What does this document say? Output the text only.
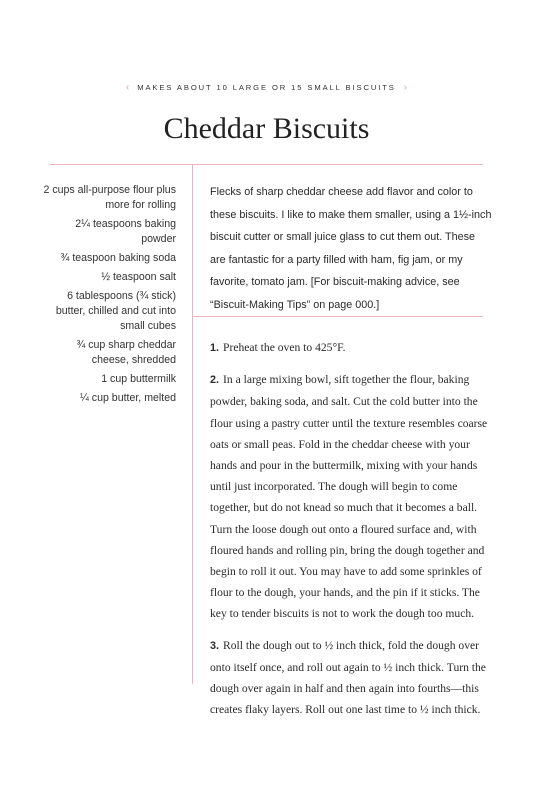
‹ MAKES ABOUT 10 LARGE OR 15 SMALL BISCUITS ›
Cheddar Biscuits
2 cups all-purpose flour plus more for rolling
2¼ teaspoons baking powder
¾ teaspoon baking soda
½ teaspoon salt
6 tablespoons (¾ stick) butter, chilled and cut into small cubes
¾ cup sharp cheddar cheese, shredded
1 cup buttermilk
¼ cup butter, melted
Flecks of sharp cheddar cheese add flavor and color to these biscuits. I like to make them smaller, using a 1½-inch biscuit cutter or small juice glass to cut them out. These are fantastic for a party filled with ham, fig jam, or my favorite, tomato jam. [For biscuit-making advice, see “Biscuit-Making Tips” on page 000.]

1. Preheat the oven to 425°F.

2. In a large mixing bowl, sift together the flour, baking powder, baking soda, and salt. Cut the cold butter into the flour using a pastry cutter until the texture resembles coarse oats or small peas. Fold in the cheddar cheese with your hands and pour in the buttermilk, mixing with your hands until just incorporated. The dough will begin to come together, but do not knead so much that it becomes a ball. Turn the loose dough out onto a floured surface and, with floured hands and rolling pin, bring the dough together and begin to roll it out. You may have to add some sprinkles of flour to the dough, your hands, and the pin if it sticks. The key to tender biscuits is not to work the dough too much.

3. Roll the dough out to ½ inch thick, fold the dough over onto itself once, and roll out again to ½ inch thick. Turn the dough over again in half and then again into fourths—this creates flaky layers. Roll out one last time to ½ inch thick.
